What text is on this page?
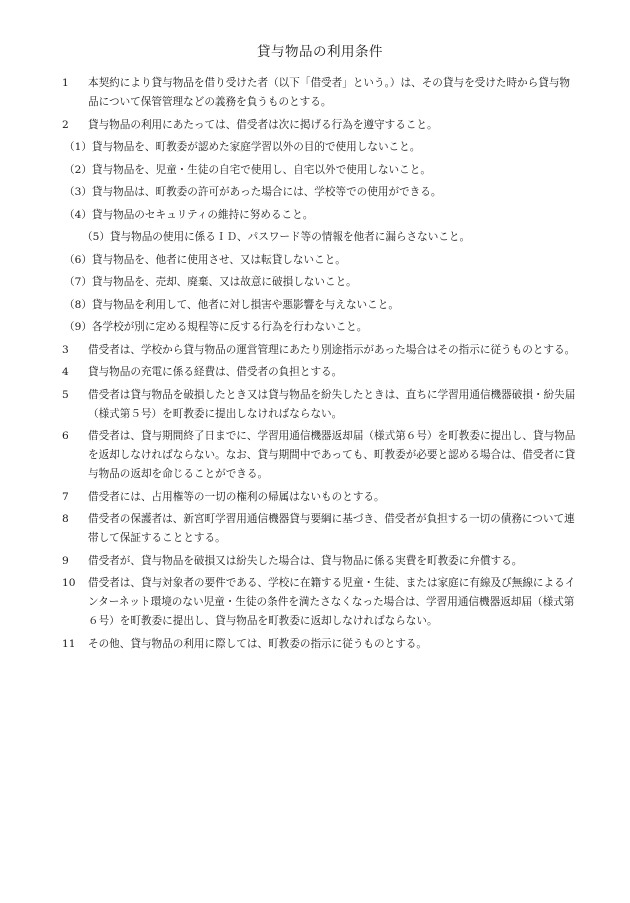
貸与物品の利用条件
1	本契約により貸与物品を借り受けた者（以下「借受者」という。）は、その貸与を受けた時から貸与物品について保管管理などの義務を負うものとする。
2	貸与物品の利用にあたっては、借受者は次に掲げる行為を遵守すること。
（1）貸与物品を、町教委が認めた家庭学習以外の目的で使用しないこと。
（2）貸与物品を、児童・生徒の自宅で使用し、自宅以外で使用しないこと。
（3）貸与物品は、町教委の許可があった場合には、学校等での使用ができる。
（4）貸与物品のセキュリティの維持に努めること。
（5）貸与物品の使用に係るＩＤ、パスワード等の情報を他者に漏らさないこと。
（6）貸与物品を、他者に使用させ、又は転貸しないこと。
（7）貸与物品を、売却、廃棄、又は故意に破損しないこと。
（8）貸与物品を利用して、他者に対し損害や悪影響を与えないこと。
（9）各学校が別に定める規程等に反する行為を行わないこと。
3	借受者は、学校から貸与物品の運営管理にあたり別途指示があった場合はその指示に従うものとする。
4	貸与物品の充電に係る経費は、借受者の負担とする。
5	借受者は貸与物品を破損したとき又は貸与物品を紛失したときは、直ちに学習用通信機器破損・紛失届（様式第５号）を町教委に提出しなければならない。
6	借受者は、貸与期間終了日までに、学習用通信機器返却届（様式第６号）を町教委に提出し、貸与物品を返却しなければならない。なお、貸与期間中であっても、町教委が必要と認める場合は、借受者に貸与物品の返却を命じることができる。
7	借受者には、占用権等の一切の権利の帰属はないものとする。
8	借受者の保護者は、新宮町学習用通信機器貸与要綱に基づき、借受者が負担する一切の債務について連帯して保証することとする。
9	借受者が、貸与物品を破損又は紛失した場合は、貸与物品に係る実費を町教委に弁償する。
10	借受者は、貸与対象者の要件である、学校に在籍する児童・生徒、または家庭に有線及び無線によるインターネット環境のない児童・生徒の条件を満たさなくなった場合は、学習用通信機器返却届（様式第６号）を町教委に提出し、貸与物品を町教委に返却しなければならない。
11	その他、貸与物品の利用に際しては、町教委の指示に従うものとする。
